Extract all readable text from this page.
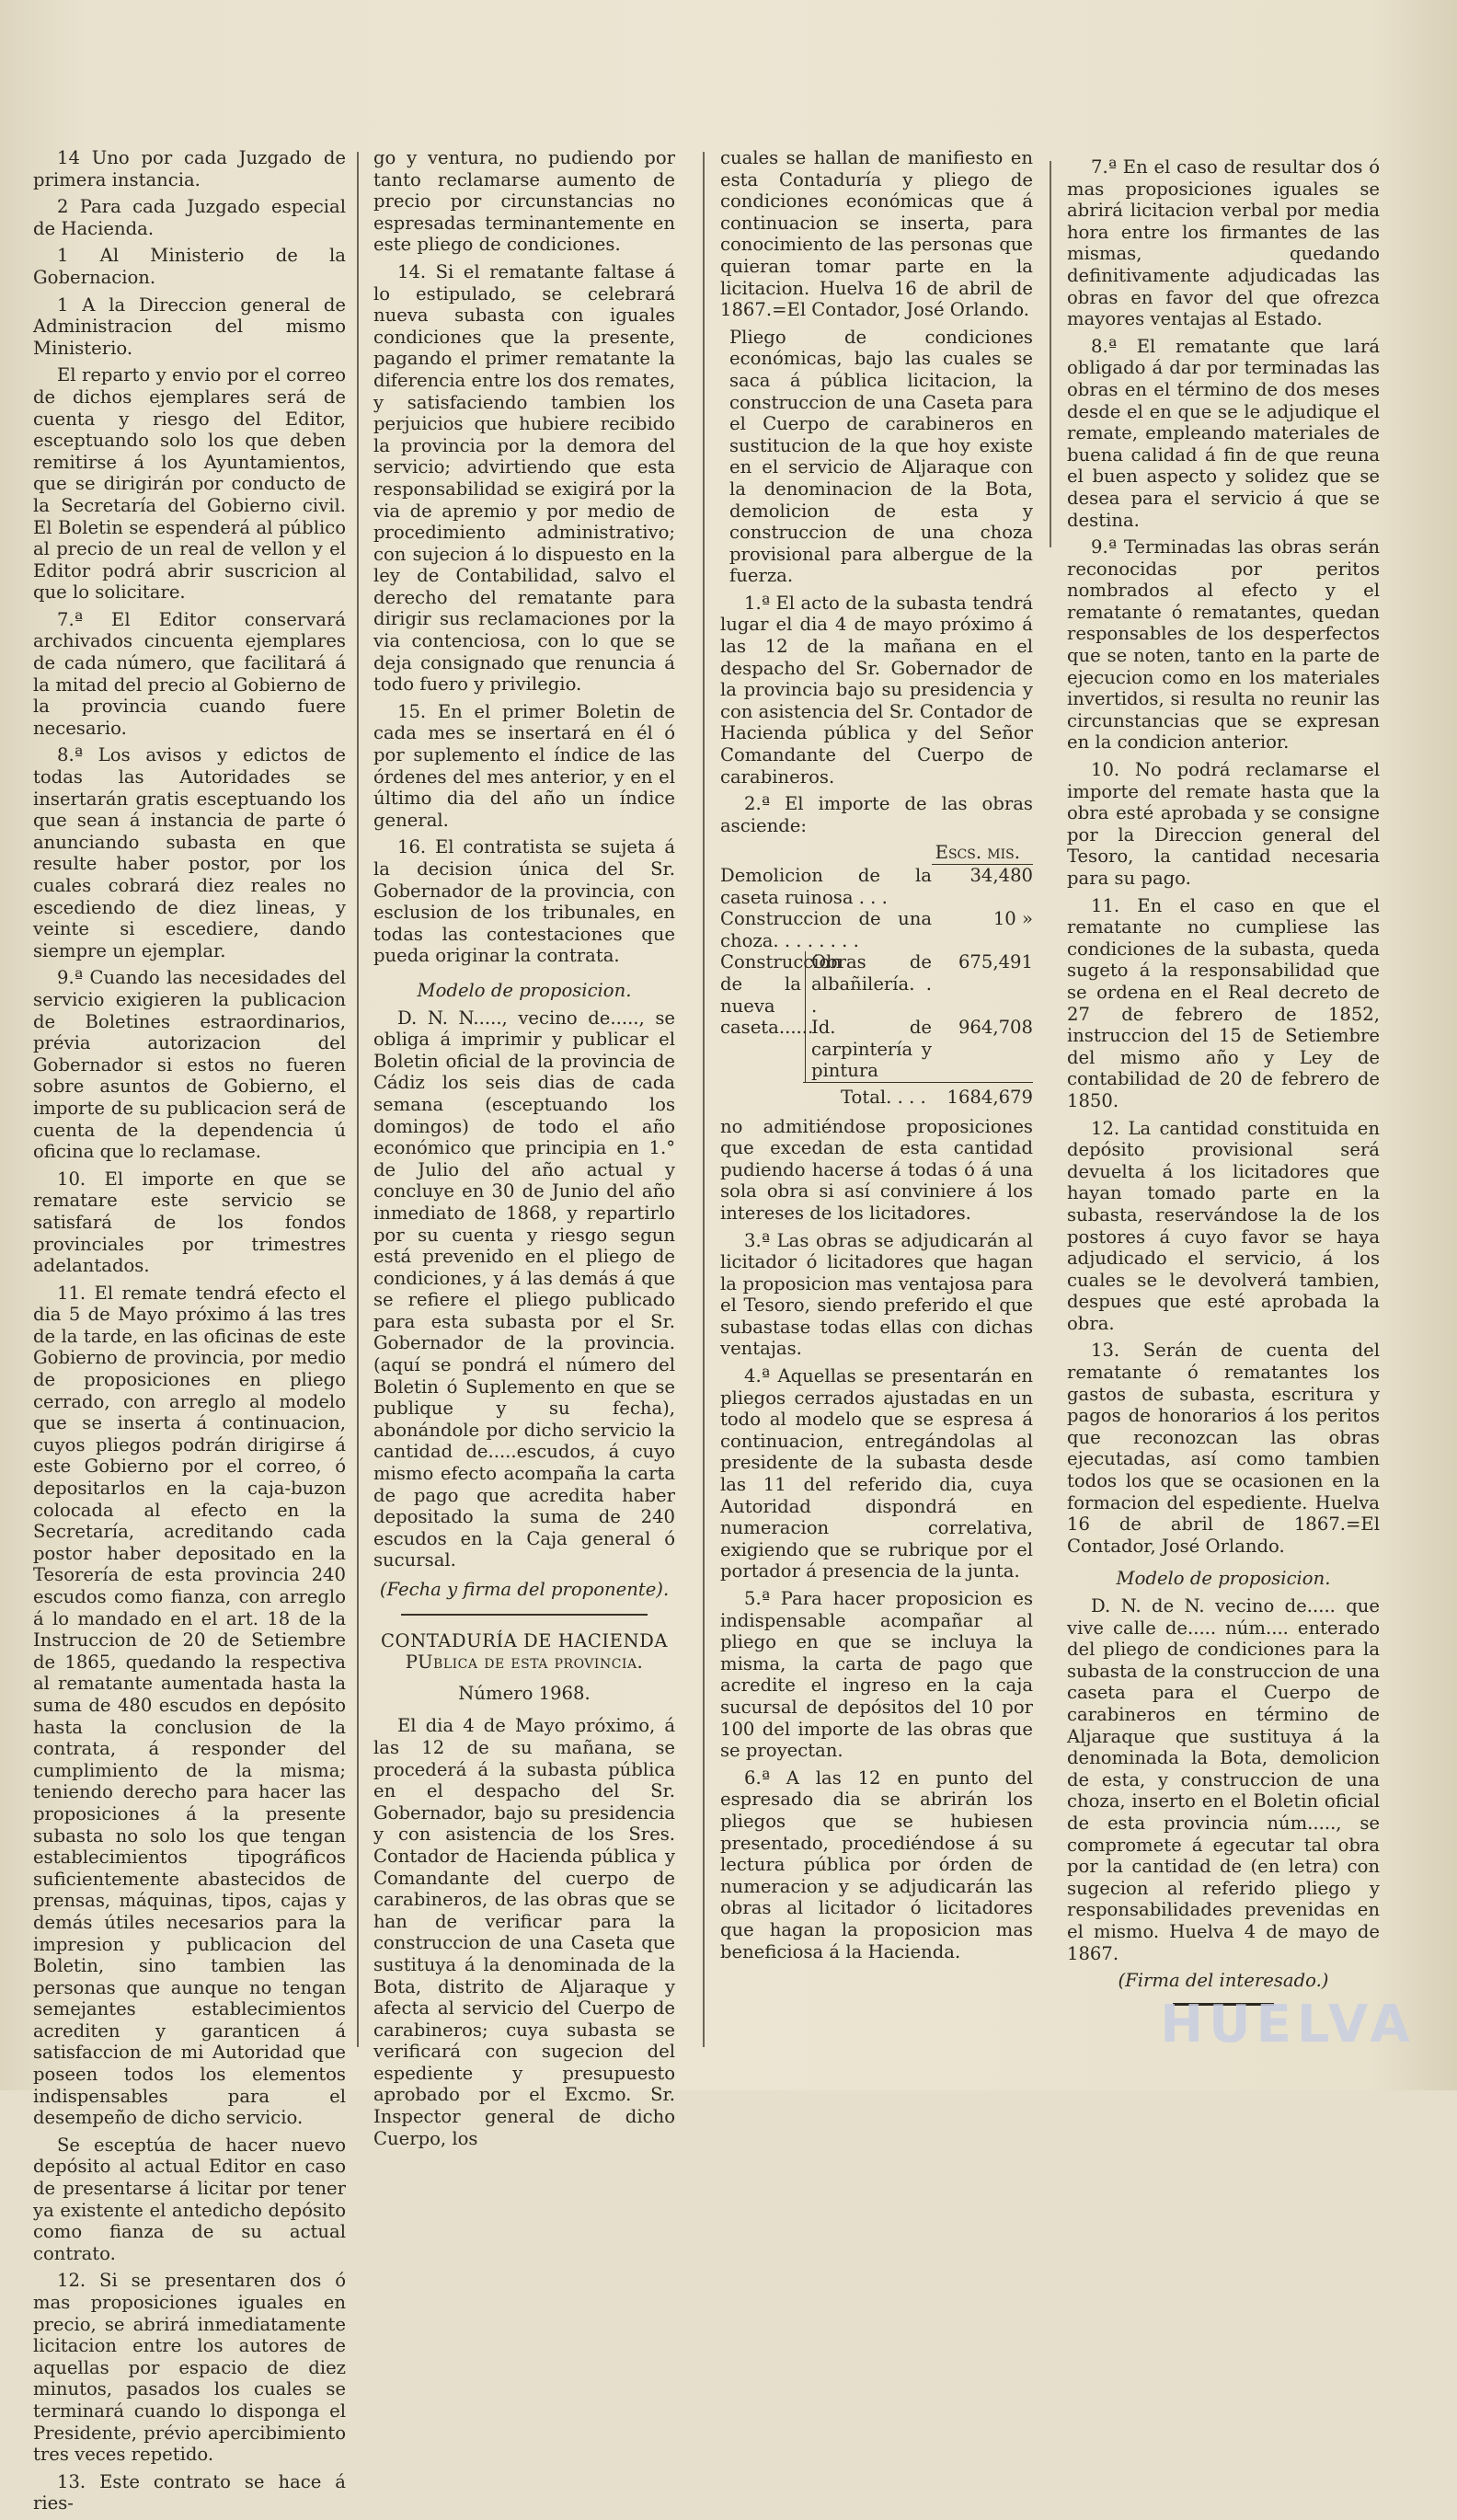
14 Uno por cada Juzgado de primera instancia.

2 Para cada Juzgado especial de Hacienda.

1 Al Ministerio de la Gobernacion.

1 A la Direccion general de Administracion del mismo Ministerio.

El reparto y envio por el correo de dichos ejemplares será de cuenta y riesgo del Editor, esceptuando solo los que deben remitirse á los Ayuntamientos, que se dirigirán por conducto de la Secretaría del Gobierno civil. El Boletin se espenderá al público al precio de un real de vellon y el Editor podrá abrir suscricion al que lo solicitare.

7.ª El Editor conservará archivados cincuenta ejemplares de cada número, que facilitará á la mitad del precio al Gobierno de la provincia cuando fuere necesario.

8.ª Los avisos y edictos de todas las Autoridades se insertarán gratis esceptuando los que sean á instancia de parte ó anunciando subasta en que resulte haber postor, por los cuales cobrará diez reales no escediendo de diez lineas, y veinte si escediere, dando siempre un ejemplar.

9.ª Cuando las necesidades del servicio exigieren la publicacion de Boletines estraordinarios, prévia autorizacion del Gobernador si estos no fueren sobre asuntos de Gobierno, el importe de su publicacion será de cuenta de la dependencia ú oficina que lo reclamase.

10. El importe en que se rematare este servicio se satisfará de los fondos provinciales por trimestres adelantados.

11. El remate tendrá efecto el dia 5 de Mayo próximo á las tres de la tarde, en las oficinas de este Gobierno de provincia, por medio de proposiciones en pliego cerrado, con arreglo al modelo que se inserta á continuacion, cuyos pliegos podrán dirigirse á este Gobierno por el correo, ó depositarlos en la caja-buzon colocada al efecto en la Secretaría, acreditando cada postor haber depositado en la Tesorería de esta provincia 240 escudos como fianza, con arreglo á lo mandado en el art. 18 de la Instruccion de 20 de Setiembre de 1865, quedando la respectiva al rematante aumentada hasta la suma de 480 escudos en depósito hasta la conclusion de la contrata, á responder del cumplimiento de la misma; teniendo derecho para hacer las proposiciones á la presente subasta no solo los que tengan establecimientos tipográficos suficientemente abastecidos de prensas, máquinas, tipos, cajas y demás útiles necesarios para la impresion y publicacion del Boletin, sino tambien las personas que aunque no tengan semejantes establecimientos acrediten y garanticen á satisfaccion de mi Autoridad que poseen todos los elementos indispensables para el desempeño de dicho servicio.

Se esceptúa de hacer nuevo depósito al actual Editor en caso de presentarse á licitar por tener ya existente el antedicho depósito como fianza de su actual contrato.

12. Si se presentaren dos ó mas proposiciones iguales en precio, se abrirá inmediatamente licitacion entre los autores de aquellas por espacio de diez minutos, pasados los cuales se terminará cuando lo disponga el Presidente, prévio apercibimiento tres veces repetido.

13. Este contrato se hace á ries-

go y ventura, no pudiendo por tanto reclamarse aumento de precio por circunstancias no espresadas terminantemente en este pliego de condiciones.

14. Si el rematante faltase á lo estipulado, se celebrará nueva subasta con iguales condiciones que la presente, pagando el primer rematante la diferencia entre los dos remates, y satisfaciendo tambien los perjuicios que hubiere recibido la provincia por la demora del servicio; advirtiendo que esta responsabilidad se exigirá por la via de apremio y por medio de procedimiento administrativo; con sujecion á lo dispuesto en la ley de Contabilidad, salvo el derecho del rematante para dirigir sus reclamaciones por la via contenciosa, con lo que se deja consignado que renuncia á todo fuero y privilegio.

15. En el primer Boletin de cada mes se insertará en él ó por suplemento el índice de las órdenes del mes anterior, y en el último dia del año un índice general.

16. El contratista se sujeta á la decision única del Sr. Gobernador de la provincia, con esclusion de los tribunales, en todas las contestaciones que pueda originar la contrata.

Modelo de proposicion.

D. N. N....., vecino de....., se obliga á imprimir y publicar el Boletin oficial de la provincia de Cádiz los seis dias de cada semana (esceptuando los domingos) de todo el año económico que principia en 1.° de Julio del año actual y concluye en 30 de Junio del año inmediato de 1868, y repartirlo por su cuenta y riesgo segun está prevenido en el pliego de condiciones, y á las demás á que se refiere el pliego publicado para esta subasta por el Sr. Gobernador de la provincia. (aquí se pondrá el número del Boletin ó Suplemento en que se publique y su fecha), abonándole por dicho servicio la cantidad de.....escudos, á cuyo mismo efecto acompaña la carta de pago que acredita haber depositado la suma de 240 escudos en la Caja general ó sucursal.

(Fecha y firma del proponente).

CONTADURÍA DE HACIENDA PUblica de esta provincia.

Número 1968.

El dia 4 de Mayo próximo, á las 12 de su mañana, se procederá á la subasta pública en el despacho del Sr. Gobernador, bajo su presidencia y con asistencia de los Sres. Contador de Hacienda pública y Comandante del cuerpo de carabineros, de las obras que se han de verificar para la construccion de una Caseta que sustituya á la denominada de la Bota, distrito de Aljaraque y afecta al servicio del Cuerpo de carabineros; cuya subasta se verificará con sugecion del espediente y presupuesto aprobado por el Excmo. Sr. Inspector general de dicho Cuerpo, los

cuales se hallan de manifiesto en esta Contaduría y pliego de condiciones económicas que á continuacion se inserta, para conocimiento de las personas que quieran tomar parte en la licitacion. Huelva 16 de abril de 1867.=El Contador, José Orlando.

Pliego de condiciones económicas, bajo las cuales se saca á pública licitacion, la construccion de una Caseta para el Cuerpo de carabineros en sustitucion de la que hoy existe en el servicio de Aljaraque con la denominacion de la Bota, demolicion de esta y construccion de una choza provisional para albergue de la fuerza.

1.ª El acto de la subasta tendrá lugar el dia 4 de mayo próximo á las 12 de la mañana en el despacho del Sr. Gobernador de la provincia bajo su presidencia y con asistencia del Sr. Contador de Hacienda pública y del Señor Comandante del Cuerpo de carabineros.

2.ª El importe de las obras asciende:

Escs. mis.
Demolicion de la caseta ruinosa . . .
34,480
Construccion de una choza. . . . . . . .
10 »
Construccion de la nueva caseta......
Obras de albañilería. . .
675,491
Id. de carpintería y pintura
964,708
Total. . . . 1684,679

no admitiéndose proposiciones que excedan de esta cantidad pudiendo hacerse á todas ó á una sola obra si así conviniere á los intereses de los licitadores.

3.ª Las obras se adjudicarán al licitador ó licitadores que hagan la proposicion mas ventajosa para el Tesoro, siendo preferido el que subastase todas ellas con dichas ventajas.

4.ª Aquellas se presentarán en pliegos cerrados ajustadas en un todo al modelo que se espresa á continuacion, entregándolas al presidente de la subasta desde las 11 del referido dia, cuya Autoridad dispondrá en numeracion correlativa, exigiendo que se rubrique por el portador á presencia de la junta.

5.ª Para hacer proposicion es indispensable acompañar al pliego en que se incluya la misma, la carta de pago que acredite el ingreso en la caja sucursal de depósitos del 10 por 100 del importe de las obras que se proyectan.

6.ª A las 12 en punto del espresado dia se abrirán los pliegos que se hubiesen presentado, procediéndose á su lectura pública por órden de numeracion y se adjudicarán las obras al licitador ó licitadores que hagan la proposicion mas beneficiosa á la Hacienda.

7.ª En el caso de resultar dos ó mas proposiciones iguales se abrirá licitacion verbal por media hora entre los firmantes de las mismas, quedando definitivamente adjudicadas las obras en favor del que ofrezca mayores ventajas al Estado.

8.ª El rematante que lará obligado á dar por terminadas las obras en el término de dos meses desde el en que se le adjudique el remate, empleando materiales de buena calidad á fin de que reuna el buen aspecto y solidez que se desea para el servicio á que se destina.

9.ª Terminadas las obras serán reconocidas por peritos nombrados al efecto y el rematante ó rematantes, quedan responsables de los desperfectos que se noten, tanto en la parte de ejecucion como en los materiales invertidos, si resulta no reunir las circunstancias que se expresan en la condicion anterior.

10. No podrá reclamarse el importe del remate hasta que la obra esté aprobada y se consigne por la Direccion general del Tesoro, la cantidad necesaria para su pago.

11. En el caso en que el rematante no cumpliese las condiciones de la subasta, queda sugeto á la responsabilidad que se ordena en el Real decreto de 27 de febrero de 1852, instruccion del 15 de Setiembre del mismo año y Ley de contabilidad de 20 de febrero de 1850.

12. La cantidad constituida en depósito provisional será devuelta á los licitadores que hayan tomado parte en la subasta, reservándose la de los postores á cuyo favor se haya adjudicado el servicio, á los cuales se le devolverá tambien, despues que esté aprobada la obra.

13. Serán de cuenta del rematante ó rematantes los gastos de subasta, escritura y pagos de honorarios á los peritos que reconozcan las obras ejecutadas, así como tambien todos los que se ocasionen en la formacion del espediente. Huelva 16 de abril de 1867.=El Contador, José Orlando.

Modelo de proposicion.

D. N. de N. vecino de..... que vive calle de..... núm.... enterado del pliego de condiciones para la subasta de la construccion de una caseta para el Cuerpo de carabineros en término de Aljaraque que sustituya á la denominada la Bota, demolicion de esta, y construccion de una choza, inserto en el Boletin oficial de esta provincia núm....., se compromete á egecutar tal obra por la cantidad de (en letra) con sugecion al referido pliego y responsabilidades prevenidas en el mismo. Huelva 4 de mayo de 1867.

(Firma del interesado.)

HUELVA
